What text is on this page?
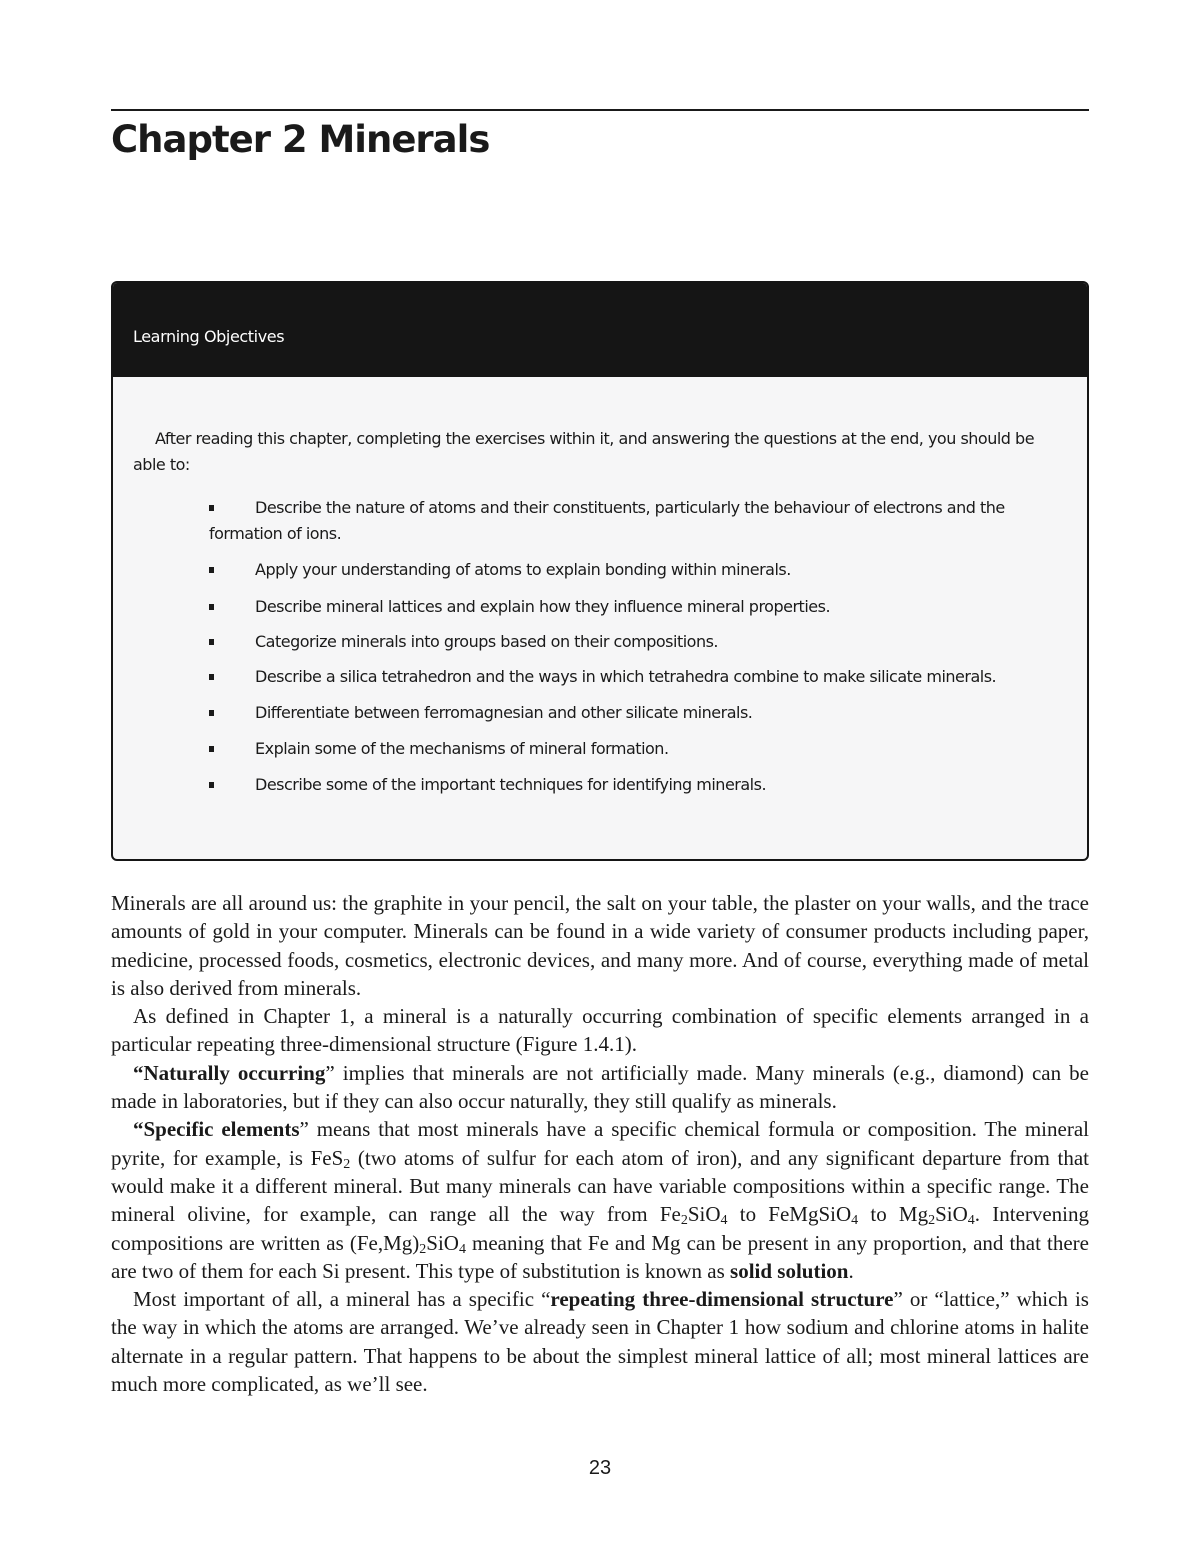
Chapter 2 Minerals
Learning Objectives

After reading this chapter, completing the exercises within it, and answering the questions at the end, you should be able to:

Describe the nature of atoms and their constituents, particularly the behaviour of electrons and the formation of ions.
Apply your understanding of atoms to explain bonding within minerals.
Describe mineral lattices and explain how they influence mineral properties.
Categorize minerals into groups based on their compositions.
Describe a silica tetrahedron and the ways in which tetrahedra combine to make silicate minerals.
Differentiate between ferromagnesian and other silicate minerals.
Explain some of the mechanisms of mineral formation.
Describe some of the important techniques for identifying minerals.

Minerals are all around us: the graphite in your pencil, the salt on your table, the plaster on your walls, and the trace amounts of gold in your computer. Minerals can be found in a wide variety of consumer products including paper, medicine, processed foods, cosmetics, electronic devices, and many more. And of course, everything made of metal is also derived from minerals.

As defined in Chapter 1, a mineral is a naturally occurring combination of specific elements arranged in a particular repeating three-dimensional structure (Figure 1.4.1).

“Naturally occurring” implies that minerals are not artificially made. Many minerals (e.g., diamond) can be made in laboratories, but if they can also occur naturally, they still qualify as minerals.

“Specific elements” means that most minerals have a specific chemical formula or composition. The mineral pyrite, for example, is FeS$_2$ (two atoms of sulfur for each atom of iron), and any significant departure from that would make it a different mineral. But many minerals can have variable compositions within a specific range. The mineral olivine, for example, can range all the way from $Fe_2SiO_4$ to FeMgSiO$_4$ to $Mg_2SiO_4$. Intervening compositions are written as $(Fe,Mg)_2SiO_4$ meaning that Fe and Mg can be present in any proportion, and that there are two of them for each Si present. This type of substitution is known as solid solution.

Most important of all, a mineral has a specific “repeating three-dimensional structure” or “lattice,” which is the way in which the atoms are arranged. We’ve already seen in Chapter 1 how sodium and chlorine atoms in halite alternate in a regular pattern. That happens to be about the simplest mineral lattice of all; most mineral lattices are much more complicated, as we’ll see.

23
